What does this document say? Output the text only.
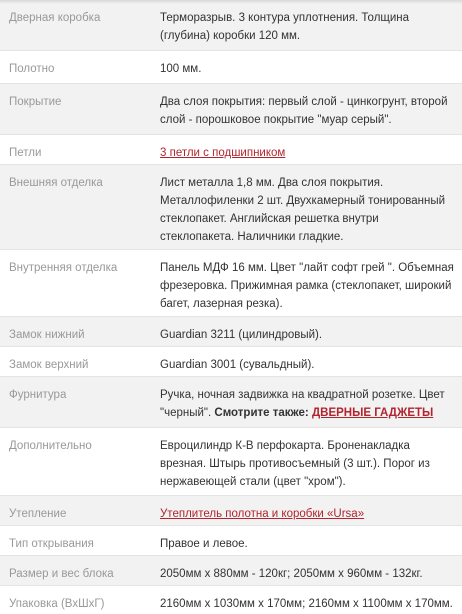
Дверная коробка	Терморазрыв. 3 контура уплотнения. Толщина (глубина) коробки 120 мм.
Полотно	100 мм.
Покрытие	Два слоя покрытия: первый слой - цинкогрунт, второй слой - порошковое покрытие "муар серый".
Петли	3 петли с подшипником
Внешняя отделка	Лист металла 1,8 мм. Два слоя покрытия. Металлофиленки 2 шт. Двухкамерный тонированный стеклопакет. Английская решетка внутри стеклопакета. Наличники гладкие.
Внутренняя отделка	Панель МДФ 16 мм. Цвет "лайт софт грей ". Объемная фрезеровка. Прижимная рамка (стеклопакет, широкий багет, лазерная резка).
Замок нижний	Guardian 3211 (цилиндровый).
Замок верхний	Guardian 3001 (сувальдный).
Фурнитура	Ручка, ночная задвижка на квадратной розетке. Цвет "черный". Смотрите также: ДВЕРНЫЕ ГАДЖЕТЫ
Дополнительно	Евроцилиндр К-В перфокарта. Броненакладка врезная. Штырь противосъемный (3 шт.). Порог из нержавеющей стали (цвет "хром").
Утепление	Утеплитель полотна и коробки «Ursa»
Тип открывания	Правое и левое.
Размер и вес блока	2050мм х 880мм - 120кг; 2050мм х 960мм - 132кг.
Упаковка (ВхШхГ)	2160мм х 1030мм х 170мм; 2160мм х 1100мм х 170мм.
